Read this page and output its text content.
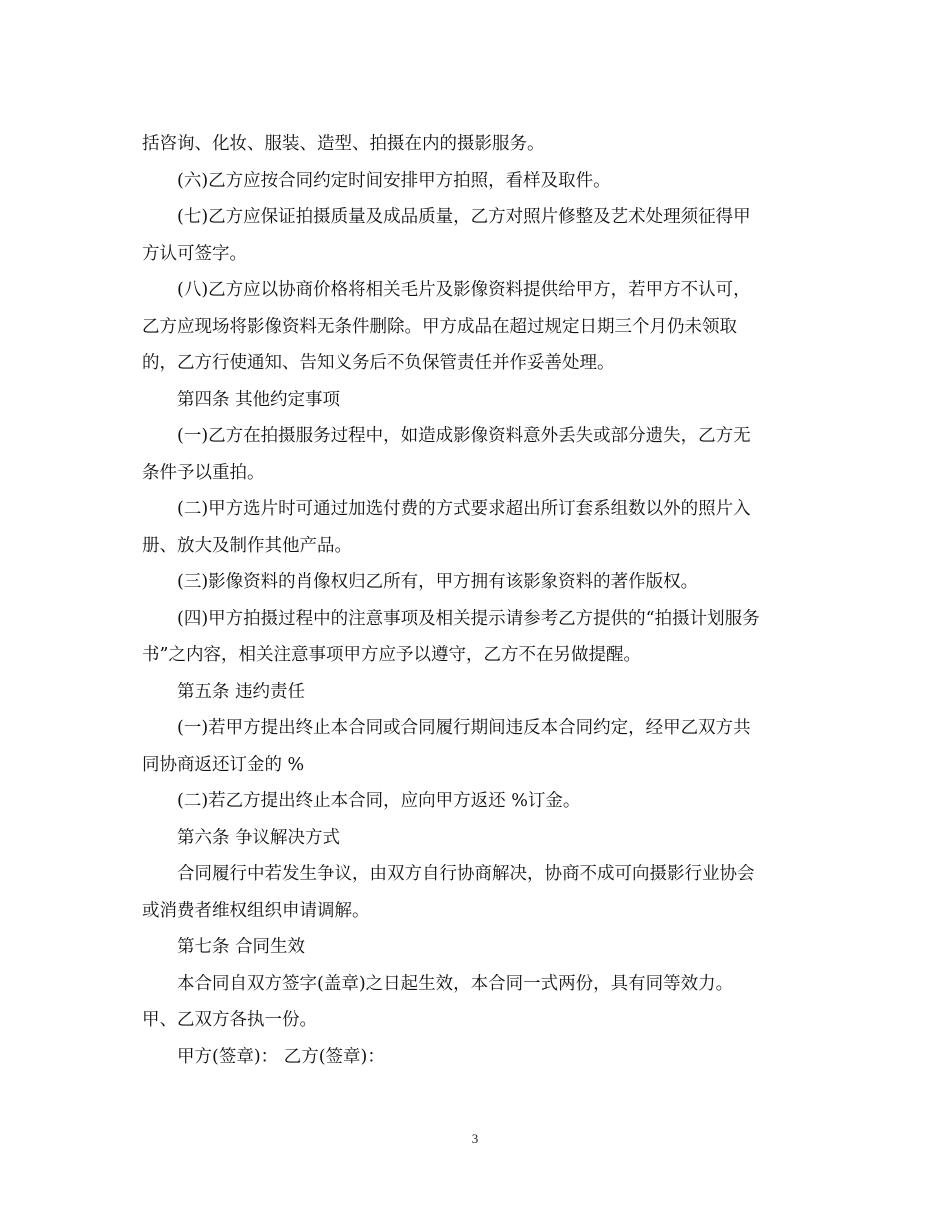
括咨询、化妆、服装、造型、拍摄在内的摄影服务。
(六)乙方应按合同约定时间安排甲方拍照，看样及取件。
(七)乙方应保证拍摄质量及成品质量，乙方对照片修整及艺术处理须征得甲
方认可签字。
(八)乙方应以协商价格将相关毛片及影像资料提供给甲方，若甲方不认可，
乙方应现场将影像资料无条件删除。甲方成品在超过规定日期三个月仍未领取
的，乙方行使通知、告知义务后不负保管责任并作妥善处理。
第四条 其他约定事项
(一)乙方在拍摄服务过程中，如造成影像资料意外丢失或部分遗失，乙方无
条件予以重拍。
(二)甲方选片时可通过加选付费的方式要求超出所订套系组数以外的照片入
册、放大及制作其他产品。
(三)影像资料的肖像权归乙所有，甲方拥有该影象资料的著作版权。
(四)甲方拍摄过程中的注意事项及相关提示请参考乙方提供的“拍摄计划服务
书”之内容，相关注意事项甲方应予以遵守，乙方不在另做提醒。
第五条 违约责任
(一)若甲方提出终止本合同或合同履行期间违反本合同约定，经甲乙双方共
同协商返还订金的 %
(二)若乙方提出终止本合同，应向甲方返还 %订金。
第六条 争议解决方式
合同履行中若发生争议，由双方自行协商解决，协商不成可向摄影行业协会
或消费者维权组织申请调解。
第七条 合同生效
本合同自双方签字(盖章)之日起生效，本合同一式两份，具有同等效力。
甲、乙双方各执一份。
甲方(签章)： 乙方(签章)：
3
